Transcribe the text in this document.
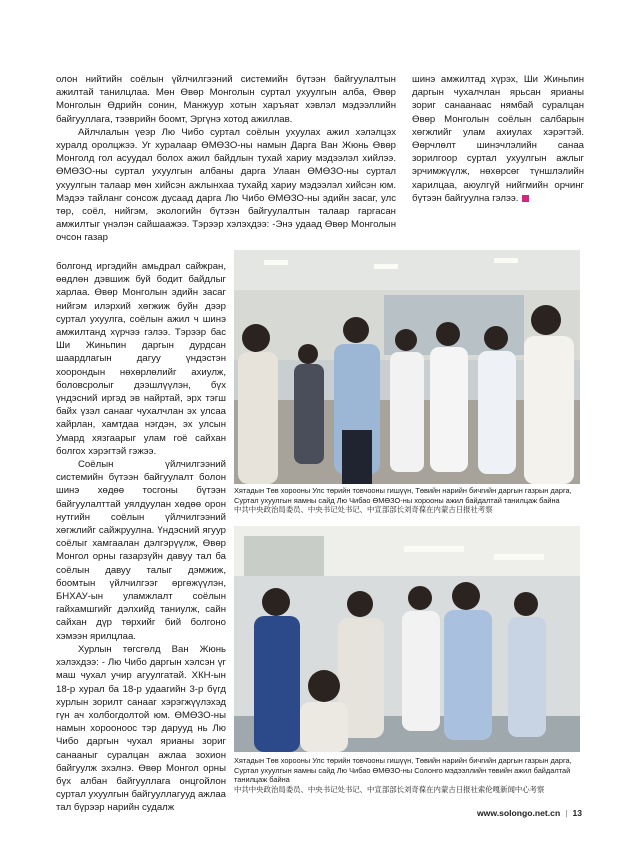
олон нийтийн соёлын үйлчилгээний системийн бүтээн байгуулалтын ажилтай танилцлаа. Мөн Өвөр Монголын суртал ухуулгын алба, Өвөр Монголын Өдрийн сонин, Манжуур хотын харъяат хэвлэл мэдээллийн байгууллага, тээврийн боомт, Эргүнэ хотод ажиллав.

Айлчлалын үеэр Лю Чибо суртал соёлын ухуулах ажил хэлэлцэх хуралд оролцжээ. Уг хуралаар ӨМӨЗО-ны намын Дарга Ван Жюнь Өвөр Монголд гол асуудал болох ажил байдлын тухай хариу мэдээлэл хийлээ. ӨМӨЗО-ны суртал ухуулгын албаны дарга Улаан ӨМӨЗО-ны суртал ухуулгын талаар мөн хийсэн ажлынхаа тухайд хариу мэдээлэл хийсэн юм. Мэдээ тайланг сонсож дусаад дарга Лю Чибо ӨМӨЗО-ны эдийн засаг, улс төр, соёл, нийгэм, экологийн бүтээн байгуулалтын талаар гаргасан амжилтыг үнэлэн сайшаажээ. Тэрээр хэлэхдээ: -Энэ удаад Өвөр Монголын очсон газар

шинэ амжилтад хүрэх, Ши Жиньпин даргын чухалчлан ярьсан ярианы зориг санаанааc нямбай суралцан Өвөр Монголын соёлын салбарын хөгжлийг улам ахиулах хэрэгтэй. Өөрчлөлт шинэчлэлийн санаа зорилгоор суртал ухуулгын ажлыг эрчимжүүлж, нөхөрсөг түншлэлийн харилцаа, аюулгүй нийгмийн орчинг бүтээн байгуулна гэлээ.

болгонд иргэдийн амьдрал сайжран, өөдлөн дэвшиж буй бодит байдлыг харлаа. Өвөр Монголын эдийн засаг нийгэм илэрхий хөгжиж буйн дээр суртал ухуулга, соёлын ажил ч шинэ амжилтанд хүрчээ гэлээ. Тэрээр бас Ши Жиньпин даргын дурдсан шаардлагын дагуу үндэстэн хоорондын нөхөрлөлийг ахиулж, боловсролыг дээшлүүлэн, бүх үндэсний иргэд эв найртай, эрх тэгш байх үзэл санааг чухалчлан эх улсаа хайрлан, хамтдаа нэгдэн, эх улсын Умард хязгаарыг улам гоё сайхан болгох хэрэгтэй гэжээ.

Соёлын үйлчилгээний системийн бүтээн байгуулалт болон шинэ хөдөө тосгоны бүтээн байгуулалттай уялдуулан хөдөө орон нутгийн соёлын үйлчилгээний хөгжлийг сайжруулна. Үндэсний ягуур соёлыг хамгаалан дэлгэрүүлж, Өвөр Монгол орны газарзүйн давуу тал ба соёлын давуу талыг дэмжиж, боомтын үйлчилгээг өргөжүүлэн, БНХАУ-ын уламжлалт соёлын гайхамшгийг дэлхийд таниулж, сайн сайхан дүр төрхийг бий болгоно хэмээн ярилцлаа.

Хурлын төгсгөлд Ван Жюнь хэлэхдээ: - Лю Чибо даргын хэлсэн үг маш чухал учир агуулгатай. ХКН-ын 18-р хурал ба 18-р удаагийн 3-р бүгд хурлын зорилт санааг хэрэгжүүлэхэд гүн ач холбогдолтой юм. ӨМӨЗО-ны намын хорооноос тэр дарууд нь Лю Чибо даргын чухал ярианы зориг санааныг суралцан ажлаа зохион байгуулж эхэлнэ. Өвөр Монгол орны бүх албан байгууллага онцгойлон суртал ухуулгын байгууллагууд ажлаа тал бүрээр нарийн судалж

Хятадын Төв хорооны Улс төрийн товчооны гишүүн, Төвийн нарийн бичгийн даргын газрын дарга, Суртал ухуулгын яамны сайд Лю Чибао ӨМӨЗО-ны хорооны ажил байдалтай танилцаж байна
中共中央政治局委员、中央书记处书记、中宣部部长刘奇葆在内蒙古日报社考察
Хятадын Төв хорооны Улс төрийн товчооны гишүүн, Төвийн нарийн бичгийн даргын газрын дарга, Суртал ухуулгын яамны сайд Лю Чибао ӨМӨЗО-ны Солонго мэдээллийн төвийн ажил байдалтай танилцаж байна
中共中央政治局委员、中央书记处书记、中宣部部长刘奇葆在内蒙古日报社索伦嘎新闻中心考察
www.solongo.net.cn | 13
